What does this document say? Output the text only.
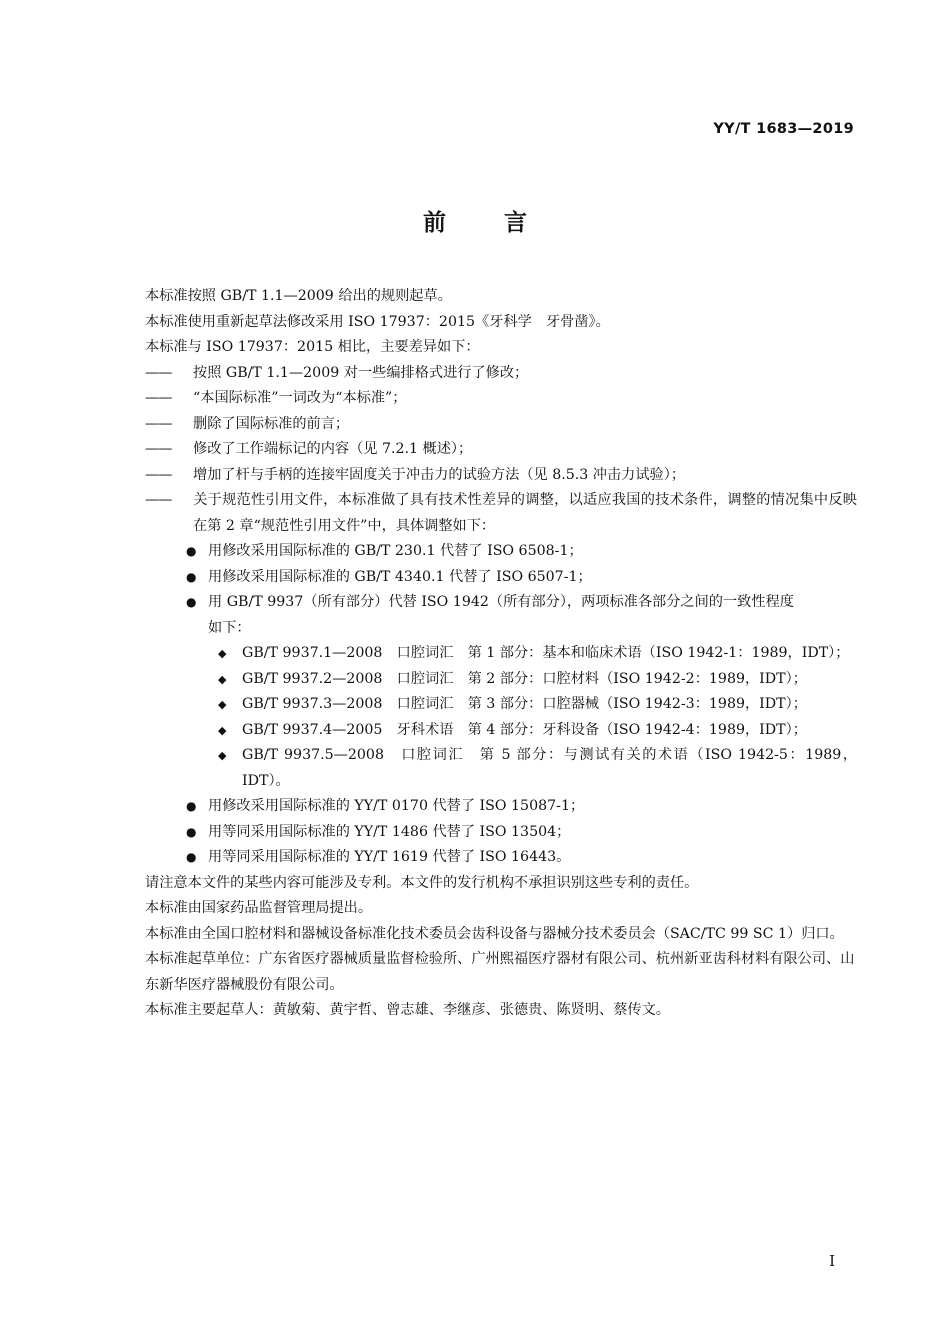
YY/T 1683—2019
前言

本标准按照 GB/T 1.1—2009 给出的规则起草。

本标准使用重新起草法修改采用 ISO 17937：2015《牙科学　牙骨凿》。

本标准与 ISO 17937：2015 相比，主要差异如下：

—— 按照 GB/T 1.1—2009 对一些编排格式进行了修改；

—— “本国际标准”一词改为“本标准”；

—— 删除了国际标准的前言；

—— 修改了工作端标记的内容（见 7.2.1 概述）；

—— 增加了杆与手柄的连接牢固度关于冲击力的试验方法（见 8.5.3 冲击力试验）；

—— 关于规范性引用文件，本标准做了具有技术性差异的调整，以适应我国的技术条件，调整的情况集中反映在第 2 章“规范性引用文件”中，具体调整如下：

● 用修改采用国际标准的 GB/T 230.1 代替了 ISO 6508-1；

● 用修改采用国际标准的 GB/T 4340.1 代替了 ISO 6507-1；

● 用 GB/T 9937（所有部分）代替 ISO 1942（所有部分），两项标准各部分之间的一致性程度

如下：

◆ GB/T 9937.1—2008　口腔词汇　第 1 部分：基本和临床术语（ISO 1942-1：1989，IDT）；

◆ GB/T 9937.2—2008　口腔词汇　第 2 部分：口腔材料（ISO 1942-2：1989，IDT）；

◆ GB/T 9937.3—2008　口腔词汇　第 3 部分：口腔器械（ISO 1942-3：1989，IDT）；

◆ GB/T 9937.4—2005　牙科术语　第 4 部分：牙科设备（ISO 1942-4：1989，IDT）；

◆ GB/T 9937.5—2008　口腔词汇　第 5 部分：与测试有关的术语（ISO 1942-5：1989，IDT）。

● 用修改采用国际标准的 YY/T 0170 代替了 ISO 15087-1；

● 用等同采用国际标准的 YY/T 1486 代替了 ISO 13504；

● 用等同采用国际标准的 YY/T 1619 代替了 ISO 16443。

请注意本文件的某些内容可能涉及专利。本文件的发行机构不承担识别这些专利的责任。

本标准由国家药品监督管理局提出。

本标准由全国口腔材料和器械设备标准化技术委员会齿科设备与器械分技术委员会（SAC/TC 99 SC 1）归口。

本标准起草单位：广东省医疗器械质量监督检验所、广州熙福医疗器材有限公司、杭州新亚齿科材料有限公司、山东新华医疗器械股份有限公司。

本标准主要起草人：黄敏菊、黄宇哲、曾志雄、李继彦、张德贵、陈贤明、蔡传文。

I
